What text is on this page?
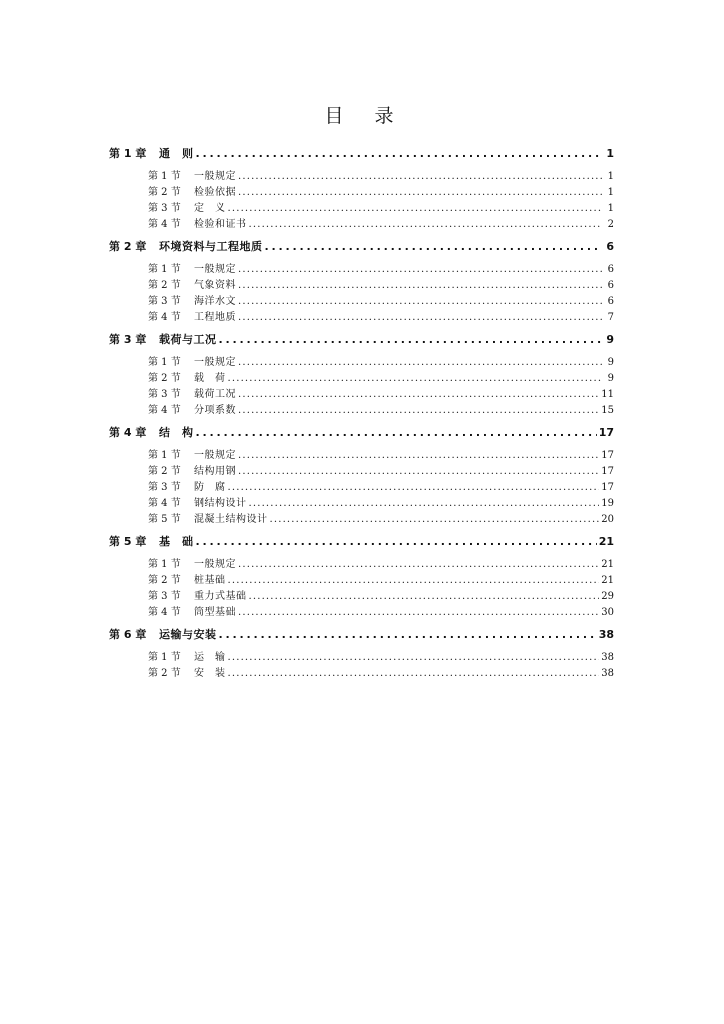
目　录
第 1 章	通　则 . . .	1
第 1 节	一般规定 . . .	1
第 2 节	检验依据 . . .	1
第 3 节	定　义 . . .	1
第 4 节	检验和证书 . . .	2
第 2 章	环境资料与工程地质 . . .	6
第 1 节	一般规定 . . .	6
第 2 节	气象资料 . . .	6
第 3 节	海洋水文 . . .	6
第 4 节	工程地质 . . .	7
第 3 章	载荷与工况 . . .	9
第 1 节	一般规定 . . .	9
第 2 节	载　荷 . . .	9
第 3 节	载荷工况 . . .	11
第 4 节	分项系数 . . .	15
第 4 章	结　构 . . .	17
第 1 节	一般规定 . . .	17
第 2 节	结构用钢 . . .	17
第 3 节	防　腐 . . .	17
第 4 节	钢结构设计 . . .	19
第 5 节	混凝土结构设计 . . .	20
第 5 章	基　础 . . .	21
第 1 节	一般规定 . . .	21
第 2 节	桩基础 . . .	21
第 3 节	重力式基础 . . .	29
第 4 节	筒型基础 . . .	30
第 6 章	运输与安装 . . .	38
第 1 节	运　输 . . .	38
第 2 节	安　装 . . .	38
